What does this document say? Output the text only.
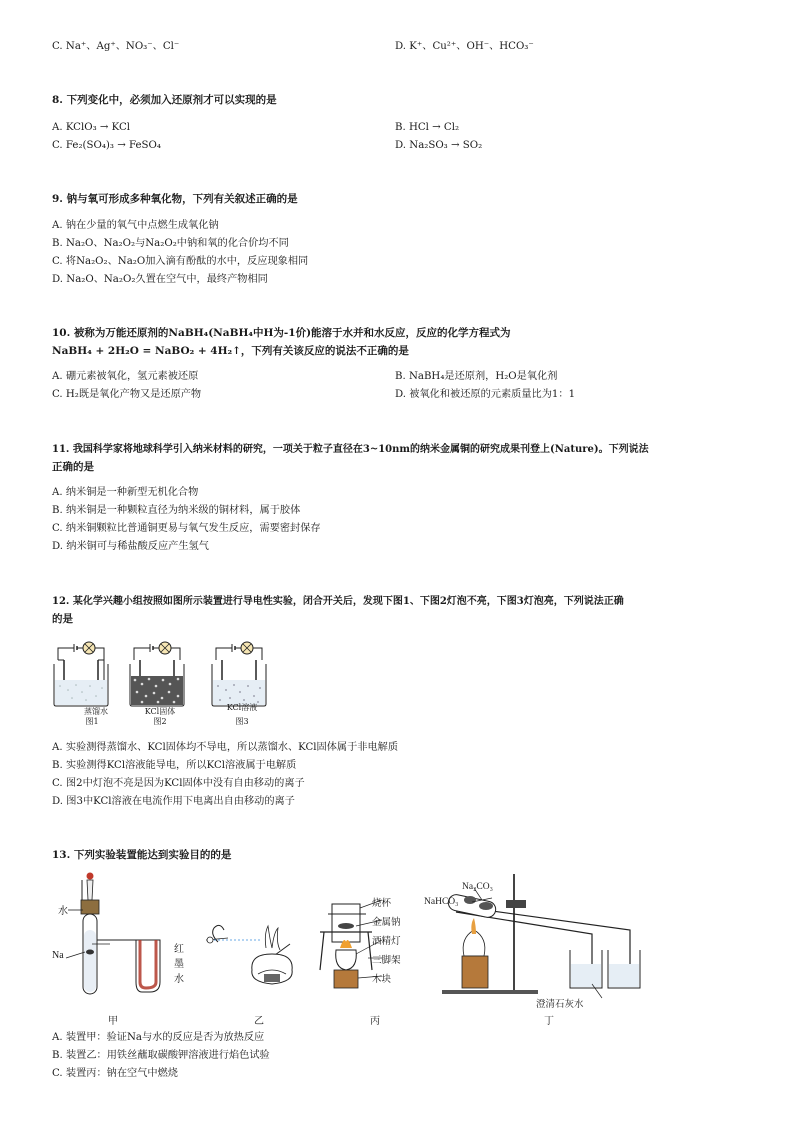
C. Na⁺、Ag⁺、NO₃⁻、Cl⁻	D. K⁺、Cu²⁺、OH⁻、HCO₃⁻
8. 下列变化中，必须加入还原剂才可以实现的是
A. KClO₃ → KCl	B. HCl → Cl₂
C. Fe₂(SO₄)₃ → FeSO₄	D. Na₂SO₃ → SO₂
9. 钠与氧可形成多种氧化物，下列有关叙述正确的是
A. 钠在少量的氧气中点燃生成氧化钠
B. Na₂O、Na₂O₂与Na₂O₂中钠和氧的化合价均不同
C. 将Na₂O₂、Na₂O加入滴有酚酞的水中，反应现象相同
D. Na₂O、Na₂O₂久置在空气中，最终产物相同
10. 被称为万能还原剂的NaBH₄(NaBH₄中H为-1价)能溶于水并和水反应，反应的化学方程式为
NaBH₄ + 2H₂O = NaBO₂ + 4H₂↑，下列有关该反应的说法不正确的是
A. 硼元素被氧化，氢元素被还原	B. NaBH₄是还原剂，H₂O是氧化剂
C. H₂既是氧化产物又是还原产物	D. 被氧化和被还原的元素质量比为1：1
11. 我国科学家将地球科学引入纳米材料的研究，一项关于粒子直径在3~10nm的纳米金属铜的研究成果刊登上(Nature)。下列说法
正确的是
A. 纳米铜是一种新型无机化合物
B. 纳米铜是一种颗粒直径为纳米级的铜材料，属于胶体
C. 纳米铜颗粒比普通铜更易与氧气发生反应，需要密封保存
D. 纳米铜可与稀盐酸反应产生氢气
12. 某化学兴趣小组按照如图所示装置进行导电性实验，闭合开关后，发现下图1、下图2灯泡不亮，下图3灯泡亮，下列说法正确
的是
蒸馏水
图1
KCl固体
图2
KCl溶液
图3
A. 实验测得蒸馏水、KCl固体均不导电，所以蒸馏水、KCl固体属于非电解质
B. 实验测得KCl溶液能导电，所以KCl溶液属于电解质
C. 图2中灯泡不亮是因为KCl固体中没有自由移动的离子
D. 图3中KCl溶液在电流作用下电离出自由移动的离子
13. 下列实验装置能达到实验目的的是
水
Na
红
墨
水
甲	乙
烧杯
金属钠
酒精灯
三脚架
木块
丙
Na₂CO₃
NaHCO₃
澄清石灰水
丁
A. 装置甲：验证Na与水的反应是否为放热反应
B. 装置乙：用铁丝蘸取碳酸钾溶液进行焰色试验
C. 装置丙：钠在空气中燃烧
